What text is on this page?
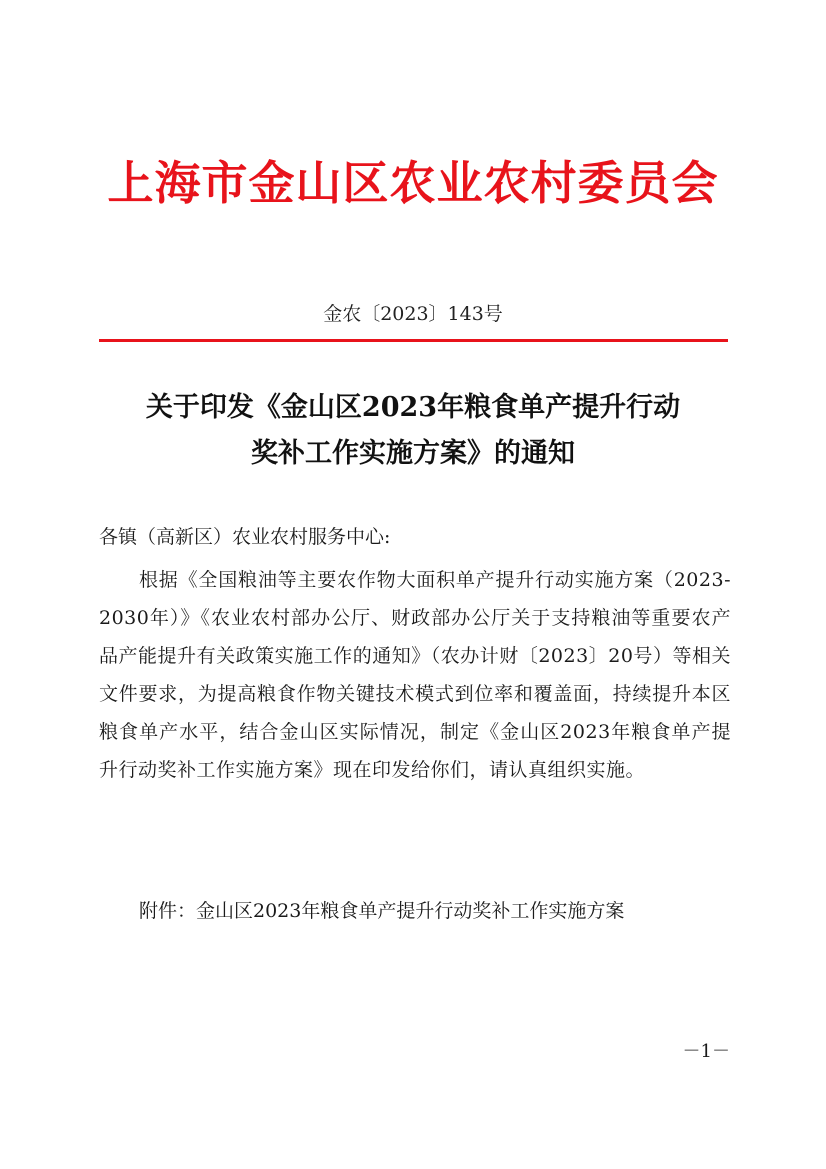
上海市金山区农业农村委员会
金农〔2023〕143号
关于印发《金山区2023年粮食单产提升行动
奖补工作实施方案》的通知
各镇（高新区）农业农村服务中心:
根据《全国粮油等主要农作物大面积单产提升行动实施方案（2023-2030年）》《农业农村部办公厅、财政部办公厅关于支持粮油等重要农产品产能提升有关政策实施工作的通知》（农办计财〔2023〕20号）等相关文件要求，为提高粮食作物关键技术模式到位率和覆盖面，持续提升本区粮食单产水平，结合金山区实际情况，制定《金山区2023年粮食单产提升行动奖补工作实施方案》现在印发给你们，请认真组织实施。
附件：金山区2023年粮食单产提升行动奖补工作实施方案
－1－
